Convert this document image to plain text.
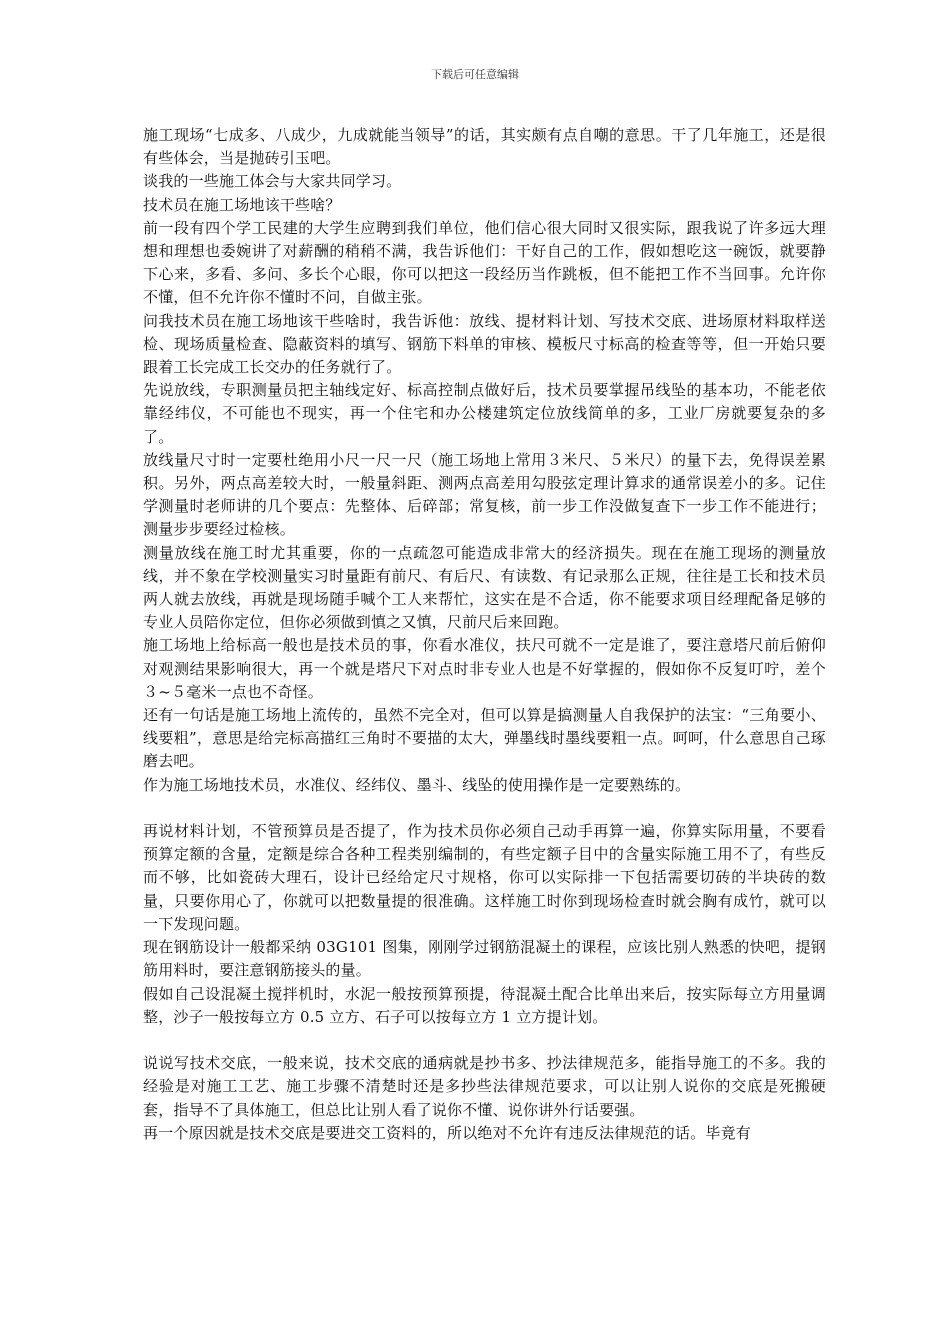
下载后可任意编辑

施工现场“七成多、八成少，九成就能当领导”的话，其实颇有点自嘲的意思。干了几年施工，还是很有些体会，当是抛砖引玉吧。

谈我的一些施工体会与大家共同学习。

技术员在施工场地该干些啥？

前一段有四个学工民建的大学生应聘到我们单位，他们信心很大同时又很实际，跟我说了许多远大理想和理想也委婉讲了对薪酬的稍稍不满，我告诉他们：干好自己的工作，假如想吃这一碗饭，就要静下心来，多看、多问、多长个心眼，你可以把这一段经历当作跳板，但不能把工作不当回事。允许你不懂，但不允许你不懂时不问，自做主张。

问我技术员在施工场地该干些啥时，我告诉他：放线、提材料计划、写技术交底、进场原材料取样送检、现场质量检查、隐蔽资料的填写、钢筋下料单的审核、模板尺寸标高的检查等等，但一开始只要跟着工长完成工长交办的任务就行了。

先说放线，专职测量员把主轴线定好、标高控制点做好后，技术员要掌握吊线坠的基本功，不能老依靠经纬仪，不可能也不现实，再一个住宅和办公楼建筑定位放线简单的多，工业厂房就要复杂的多了。

放线量尺寸时一定要杜绝用小尺一尺一尺（施工场地上常用３米尺、５米尺）的量下去，免得误差累积。另外，两点高差较大时，一般量斜距、测两点高差用勾股弦定理计算求的通常误差小的多。记住学测量时老师讲的几个要点：先整体、后碎部；常复核，前一步工作没做复查下一步工作不能进行；测量步步要经过检核。

测量放线在施工时尤其重要，你的一点疏忽可能造成非常大的经济损失。现在在施工现场的测量放线，并不象在学校测量实习时量距有前尺、有后尺、有读数、有记录那么正规，往往是工长和技术员两人就去放线，再就是现场随手喊个工人来帮忙，这实在是不合适，你不能要求项目经理配备足够的专业人员陪你定位，但你必须做到慎之又慎，尺前尺后来回跑。

施工场地上给标高一般也是技术员的事，你看水准仪，扶尺可就不一定是谁了，要注意塔尺前后俯仰对观测结果影响很大，再一个就是塔尺下对点时非专业人也是不好掌握的，假如你不反复叮咛，差个３~５毫米一点也不奇怪。

还有一句话是施工场地上流传的，虽然不完全对，但可以算是搞测量人自我保护的法宝：“三角要小、线要粗”，意思是给完标高描红三角时不要描的太大，弹墨线时墨线要粗一点。呵呵，什么意思自己琢磨去吧。

作为施工场地技术员，水准仪、经纬仪、墨斗、线坠的使用操作是一定要熟练的。

再说材料计划，不管预算员是否提了，作为技术员你必须自己动手再算一遍，你算实际用量，不要看预算定额的含量，定额是综合各种工程类别编制的，有些定额子目中的含量实际施工用不了，有些反而不够，比如瓷砖大理石，设计已经给定尺寸规格，你可以实际排一下包括需要切砖的半块砖的数量，只要你用心了，你就可以把数量提的很准确。这样施工时你到现场检查时就会胸有成竹，就可以一下发现问题。

现在钢筋设计一般都采纳 03G101 图集，刚刚学过钢筋混凝土的课程，应该比别人熟悉的快吧，提钢筋用料时，要注意钢筋接头的量。

假如自己设混凝土搅拌机时，水泥一般按预算预提，待混凝土配合比单出来后，按实际每立方用量调整，沙子一般按每立方 0.5 立方、石子可以按每立方 1 立方提计划。

说说写技术交底，一般来说，技术交底的通病就是抄书多、抄法律规范多，能指导施工的不多。我的经验是对施工工艺、施工步骤不清楚时还是多抄些法律规范要求，可以让别人说你的交底是死搬硬套，指导不了具体施工，但总比让别人看了说你不懂、说你讲外行话要强。

再一个原因就是技术交底是要进交工资料的，所以绝对不允许有违反法律规范的话。毕竟有
